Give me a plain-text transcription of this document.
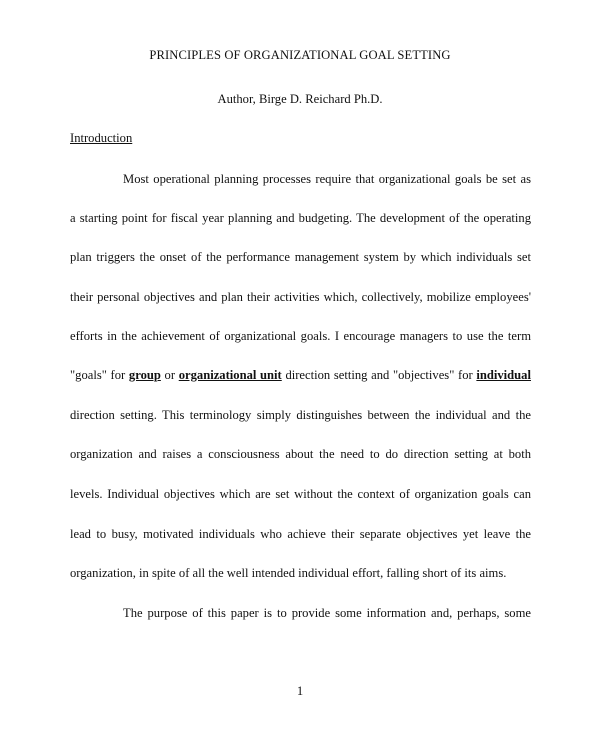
PRINCIPLES OF ORGANIZATIONAL GOAL SETTING
Author, Birge D. Reichard Ph.D.
Introduction
Most operational planning processes require that organizational goals be set as
a starting point for fiscal year planning and budgeting. The development of the operating
plan triggers the onset of the performance management system by which individuals set
their personal objectives and plan their activities which, collectively, mobilize employees'
efforts in the achievement of organizational goals. I encourage managers to use the term
"goals" for group or organizational unit direction setting and "objectives" for individual
direction setting. This terminology simply distinguishes between the individual and the
organization and raises a consciousness about the need to do direction setting at both
levels. Individual objectives which are set without the context of organization goals can
lead to busy, motivated individuals who achieve their separate objectives yet leave the
organization, in spite of all the well intended individual effort, falling short of its aims.
The purpose of this paper is to provide some information and, perhaps, some
1
